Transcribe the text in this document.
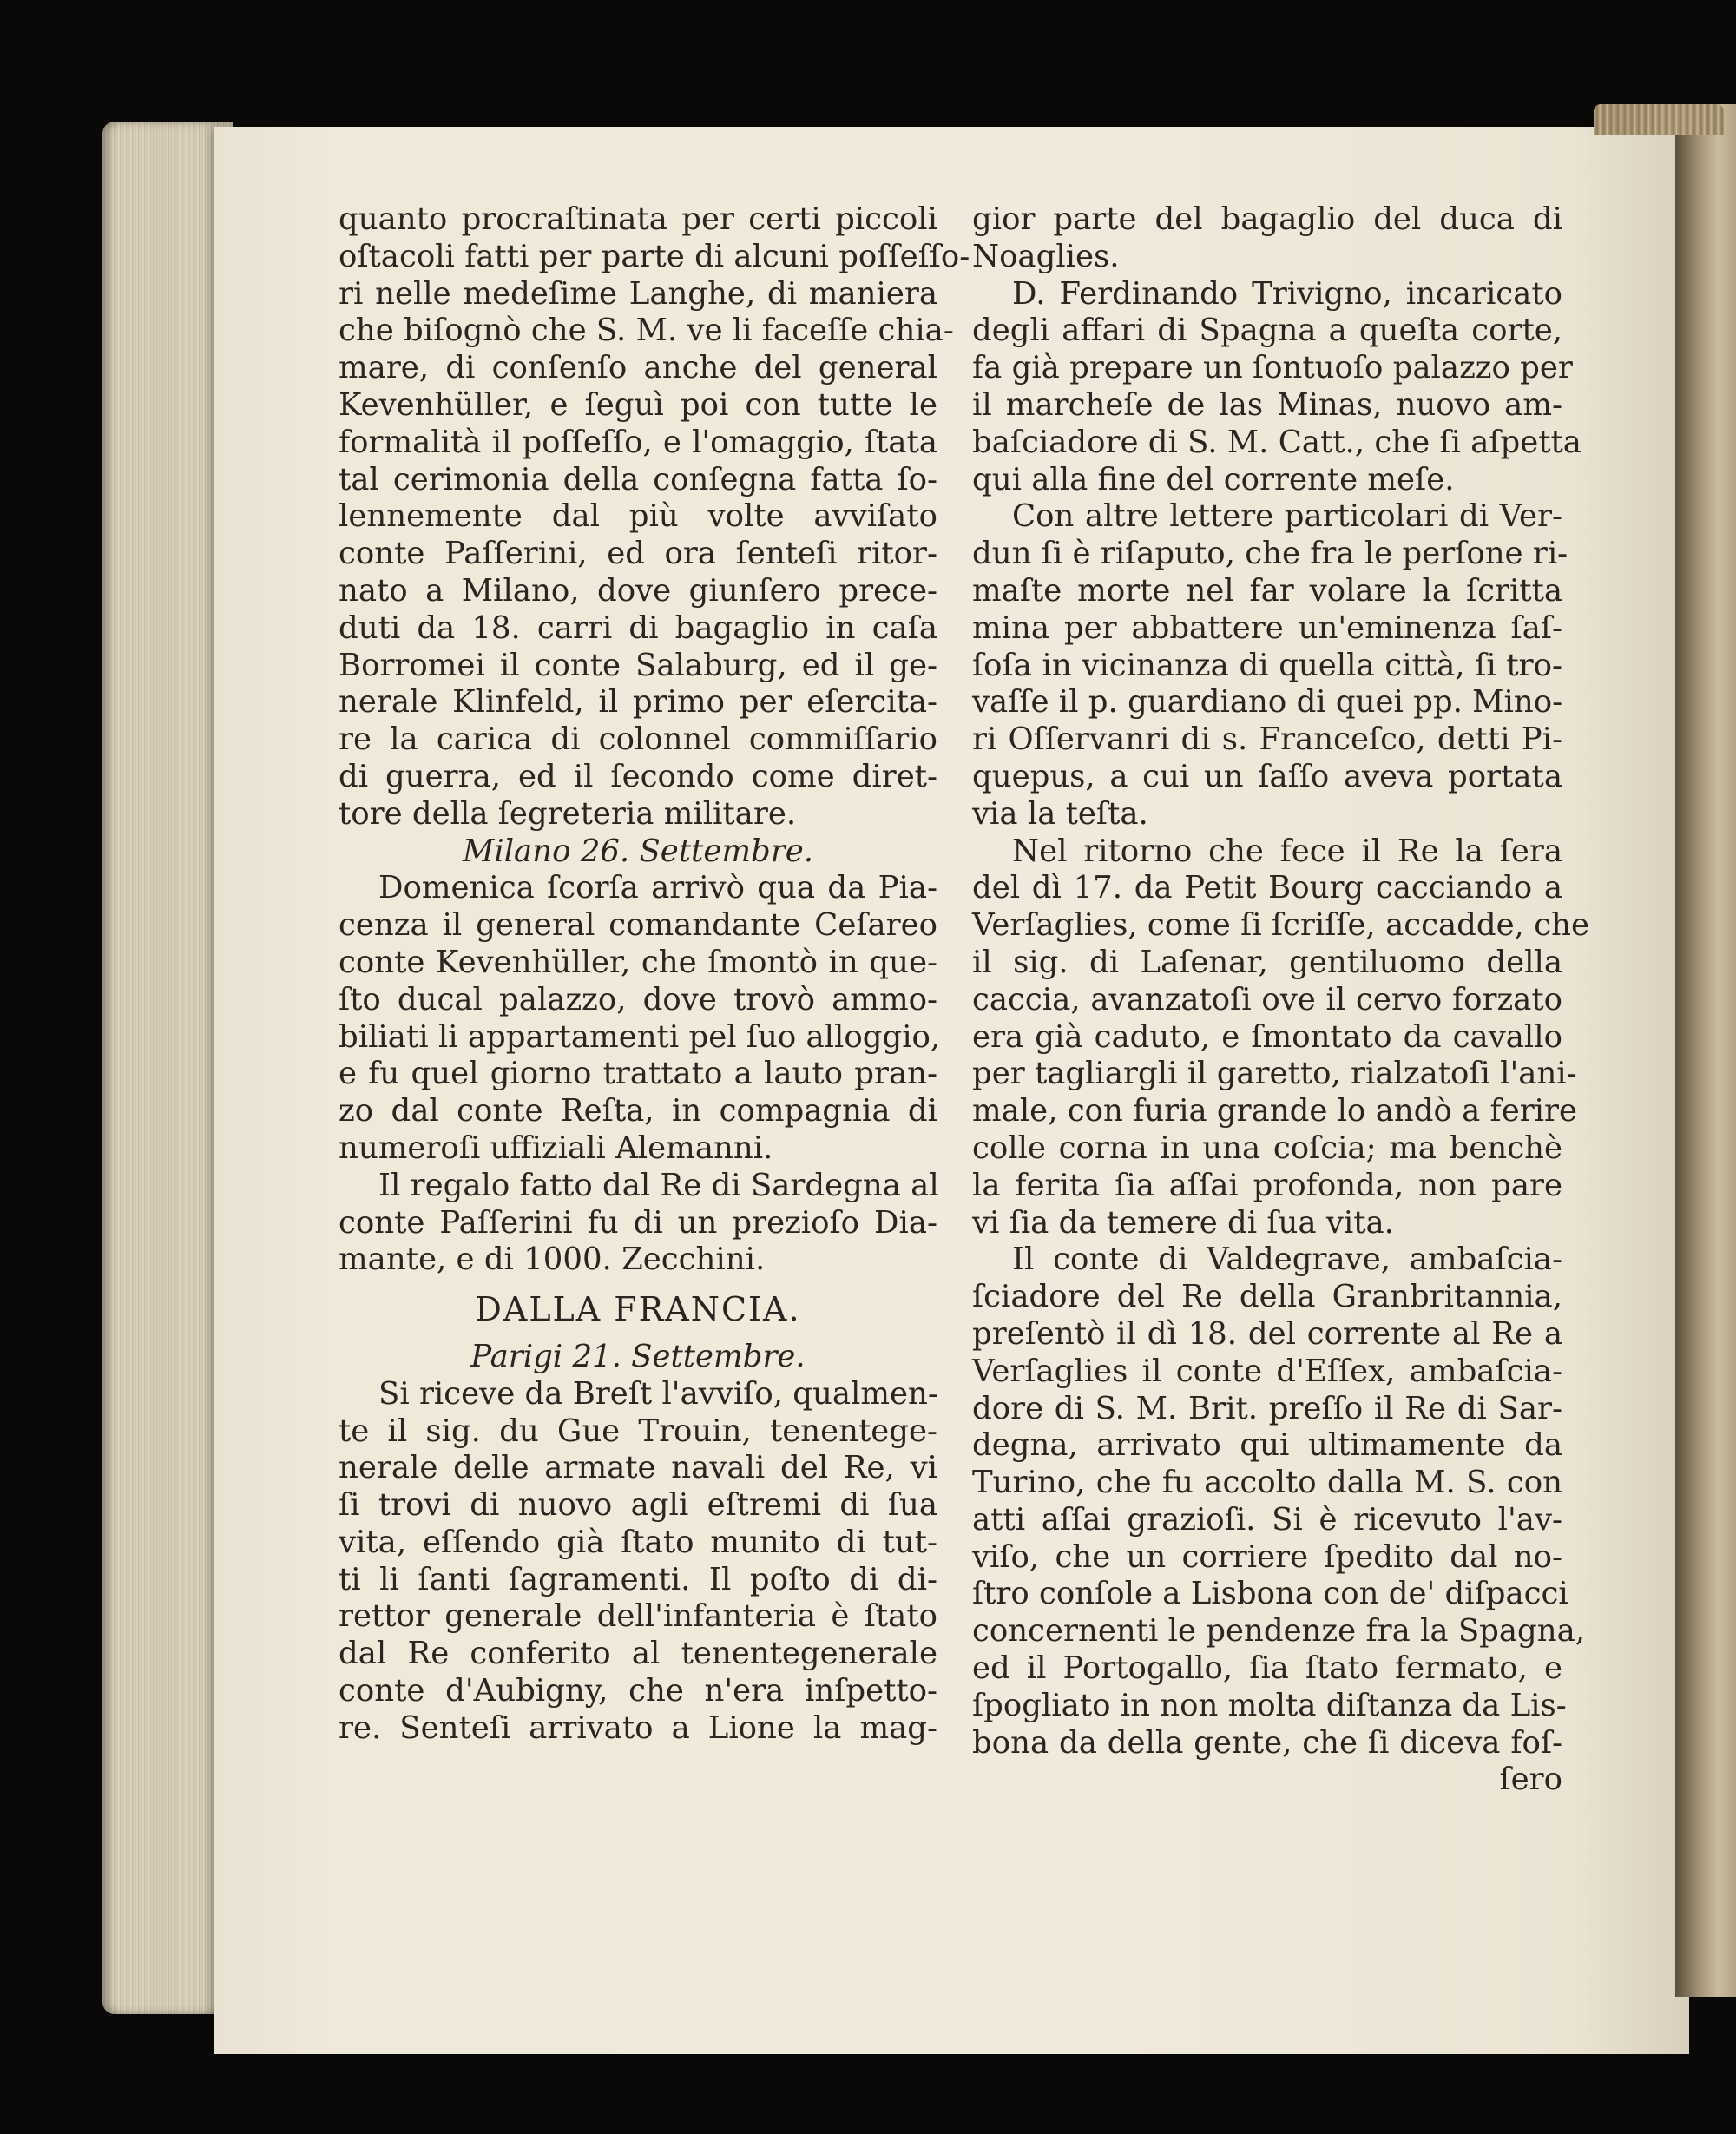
quanto procraſtinata per certi piccoli
oſtacoli fatti per parte di alcuni poſſeſſo-
ri nelle medeſime Langhe, di maniera
che biſognò che S. M. ve li faceſſe chia-
mare, di conſenſo anche del general
Kevenhüller, e ſeguì poi con tutte le
formalità il poſſeſſo, e l'omaggio, ſtata
tal cerimonia della conſegna fatta ſo-
lennemente dal più volte avviſato
conte Paſſerini, ed ora ſenteſi ritor-
nato a Milano, dove giunſero prece-
duti da 18. carri di bagaglio in caſa
Borromei il conte Salaburg, ed il ge-
nerale Klinfeld, il primo per eſercita-
re la carica di colonnel commiſſario
di guerra, ed il ſecondo come diret-
tore della ſegreteria militare.
Milano 26. Settembre.
Domenica ſcorſa arrivò qua da Pia-
cenza il general comandante Ceſareo
conte Kevenhüller, che ſmontò in que-
ſto ducal palazzo, dove trovò ammo-
biliati li appartamenti pel ſuo alloggio,
e fu quel giorno trattato a lauto pran-
zo dal conte Reſta, in compagnia di
numeroſi uffiziali Alemanni.
Il regalo fatto dal Re di Sardegna al
conte Paſſerini fu di un prezioſo Dia-
mante, e di 1000. Zecchini.
DALLA FRANCIA.
Parigi 21. Settembre.
Si riceve da Breſt l'avviſo, qualmen-
te il sig. du Gue Trouin, tenentege-
nerale delle armate navali del Re, vi
ſi trovi di nuovo agli eſtremi di ſua
vita, eſſendo già ſtato munito di tut-
ti li ſanti ſagramenti. Il poſto di di-
rettor generale dell'infanteria è ſtato
dal Re conferito al tenentegenerale
conte d'Aubigny, che n'era inſpetto-
re. Senteſi arrivato a Lione la mag-
gior parte del bagaglio del duca di
Noaglies.
D. Ferdinando Trivigno, incaricato
degli affari di Spagna a queſta corte,
fa già prepare un ſontuoſo palazzo per
il marcheſe de las Minas, nuovo am-
baſciadore di S. M. Catt., che ſi aſpetta
qui alla fine del corrente meſe.
Con altre lettere particolari di Ver-
dun ſi è riſaputo, che fra le perſone ri-
maſte morte nel far volare la ſcritta
mina per abbattere un'eminenza ſaſ-
ſoſa in vicinanza di quella città, ſi tro-
vaſſe il p. guardiano di quei pp. Mino-
ri Oſſervanri di s. Franceſco, detti Pi-
quepus, a cui un ſaſſo aveva portata
via la teſta.
Nel ritorno che fece il Re la ſera
del dì 17. da Petit Bourg cacciando a
Verſaglies, come ſi ſcriſſe, accadde, che
il sig. di Laſenar, gentiluomo della
caccia, avanzatoſi ove il cervo forzato
era già caduto, e ſmontato da cavallo
per tagliargli il garetto, rialzatoſi l'ani-
male, con furia grande lo andò a ferire
colle corna in una coſcia; ma benchè
la ferita ſia aſſai profonda, non pare
vi ſia da temere di ſua vita.
Il conte di Valdegrave, ambaſcia-
ſciadore del Re della Granbritannia,
preſentò il dì 18. del corrente al Re a
Verſaglies il conte d'Eſſex, ambaſcia-
dore di S. M. Brit. preſſo il Re di Sar-
degna, arrivato qui ultimamente da
Turino, che fu accolto dalla M. S. con
atti aſſai grazioſi. Si è ricevuto l'av-
viſo, che un corriere ſpedito dal no-
ſtro conſole a Lisbona con de' diſpacci
concernenti le pendenze fra la Spagna,
ed il Portogallo, ſia ſtato fermato, e
ſpogliato in non molta diſtanza da Lis-
bona da della gente, che ſi diceva foſ-
ſero
